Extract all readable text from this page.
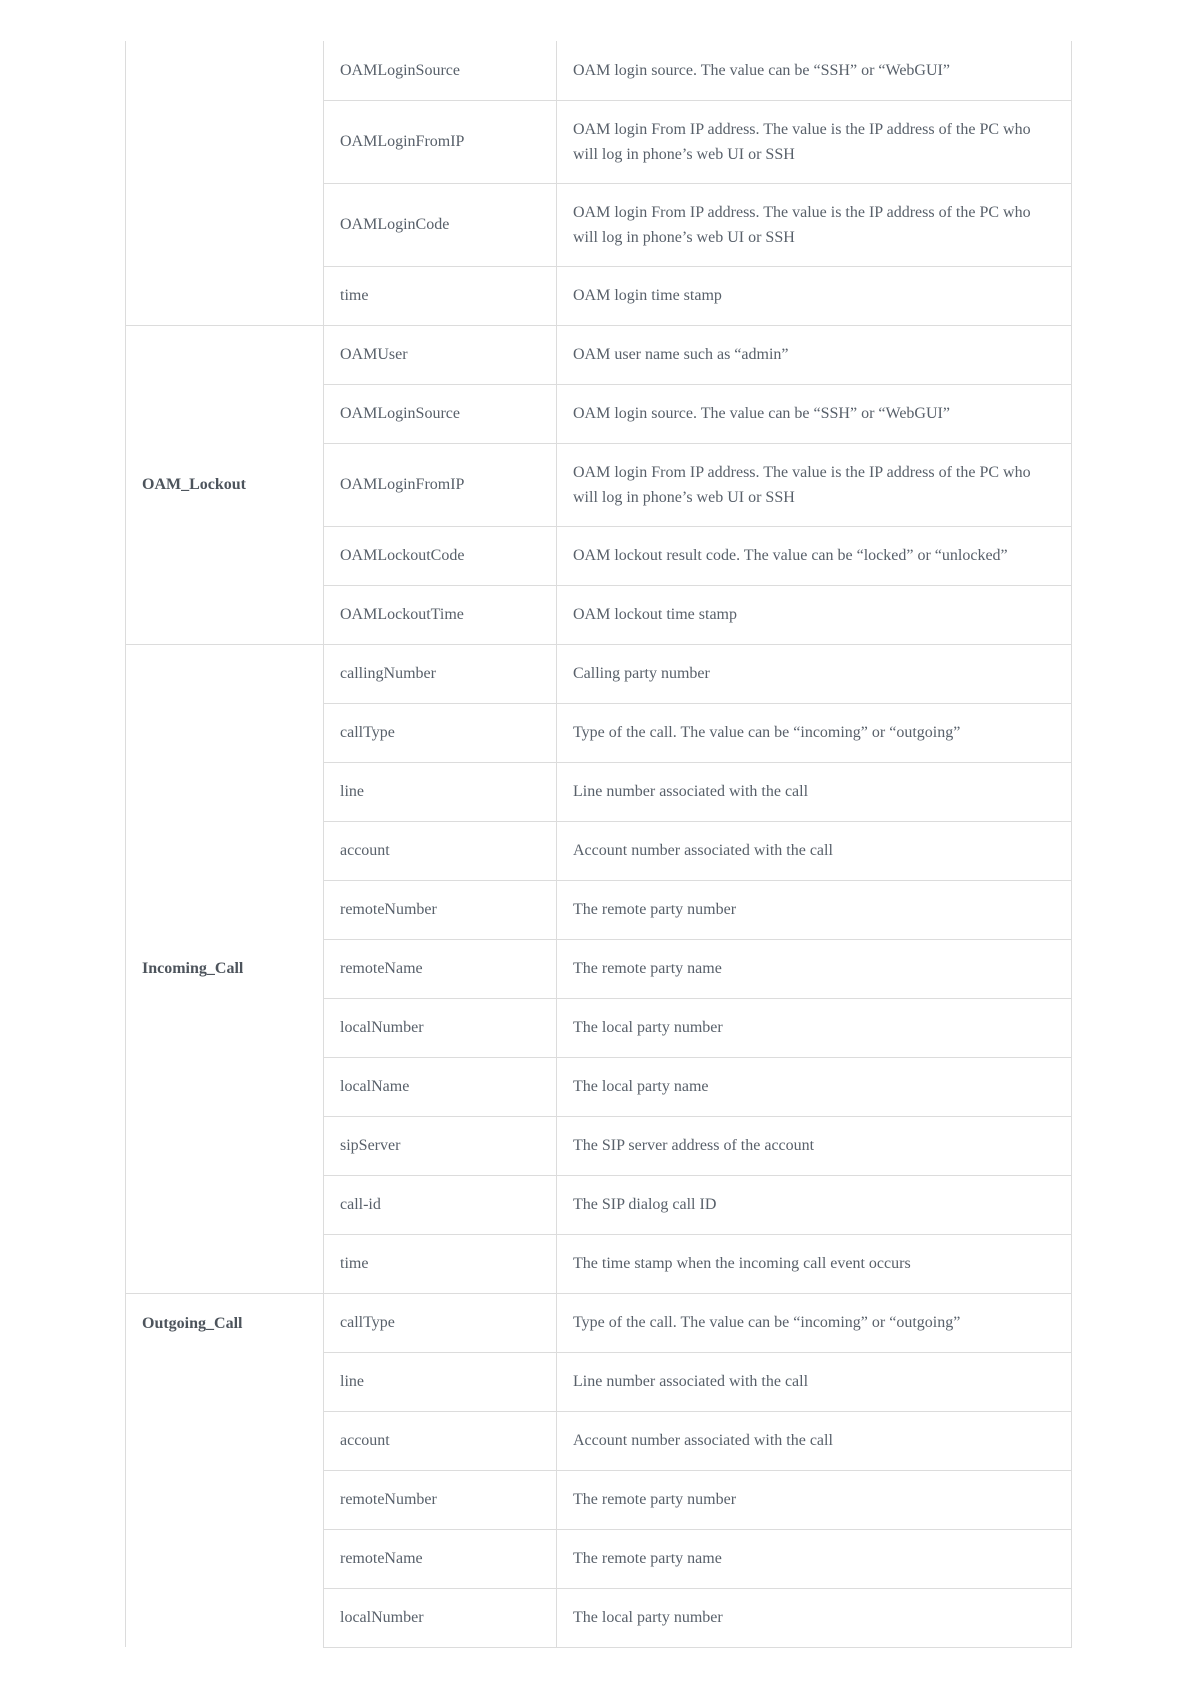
	OAMLoginSource	OAM login source. The value can be “SSH” or “WebGUI”
	OAMLoginFromIP	OAM login From IP address. The value is the IP address of the PC who will log in phone’s web UI or SSH
	OAMLoginCode	OAM login From IP address. The value is the IP address of the PC who will log in phone’s web UI or SSH
	time	OAM login time stamp
OAM_Lockout	OAMUser	OAM user name such as “admin”
	OAMLoginSource	OAM login source. The value can be “SSH” or “WebGUI”
	OAMLoginFromIP	OAM login From IP address. The value is the IP address of the PC who will log in phone’s web UI or SSH
	OAMLockoutCode	OAM lockout result code. The value can be “locked” or “unlocked”
	OAMLockoutTime	OAM lockout time stamp
Incoming_Call	callingNumber	Calling party number
	callType	Type of the call. The value can be “incoming” or “outgoing”
	line	Line number associated with the call
	account	Account number associated with the call
	remoteNumber	The remote party number
	remoteName	The remote party name
	localNumber	The local party number
	localName	The local party name
	sipServer	The SIP server address of the account
	call-id	The SIP dialog call ID
	time	The time stamp when the incoming call event occurs
Outgoing_Call	callType	Type of the call. The value can be “incoming” or “outgoing”
	line	Line number associated with the call
	account	Account number associated with the call
	remoteNumber	The remote party number
	remoteName	The remote party name
	localNumber	The local party number
